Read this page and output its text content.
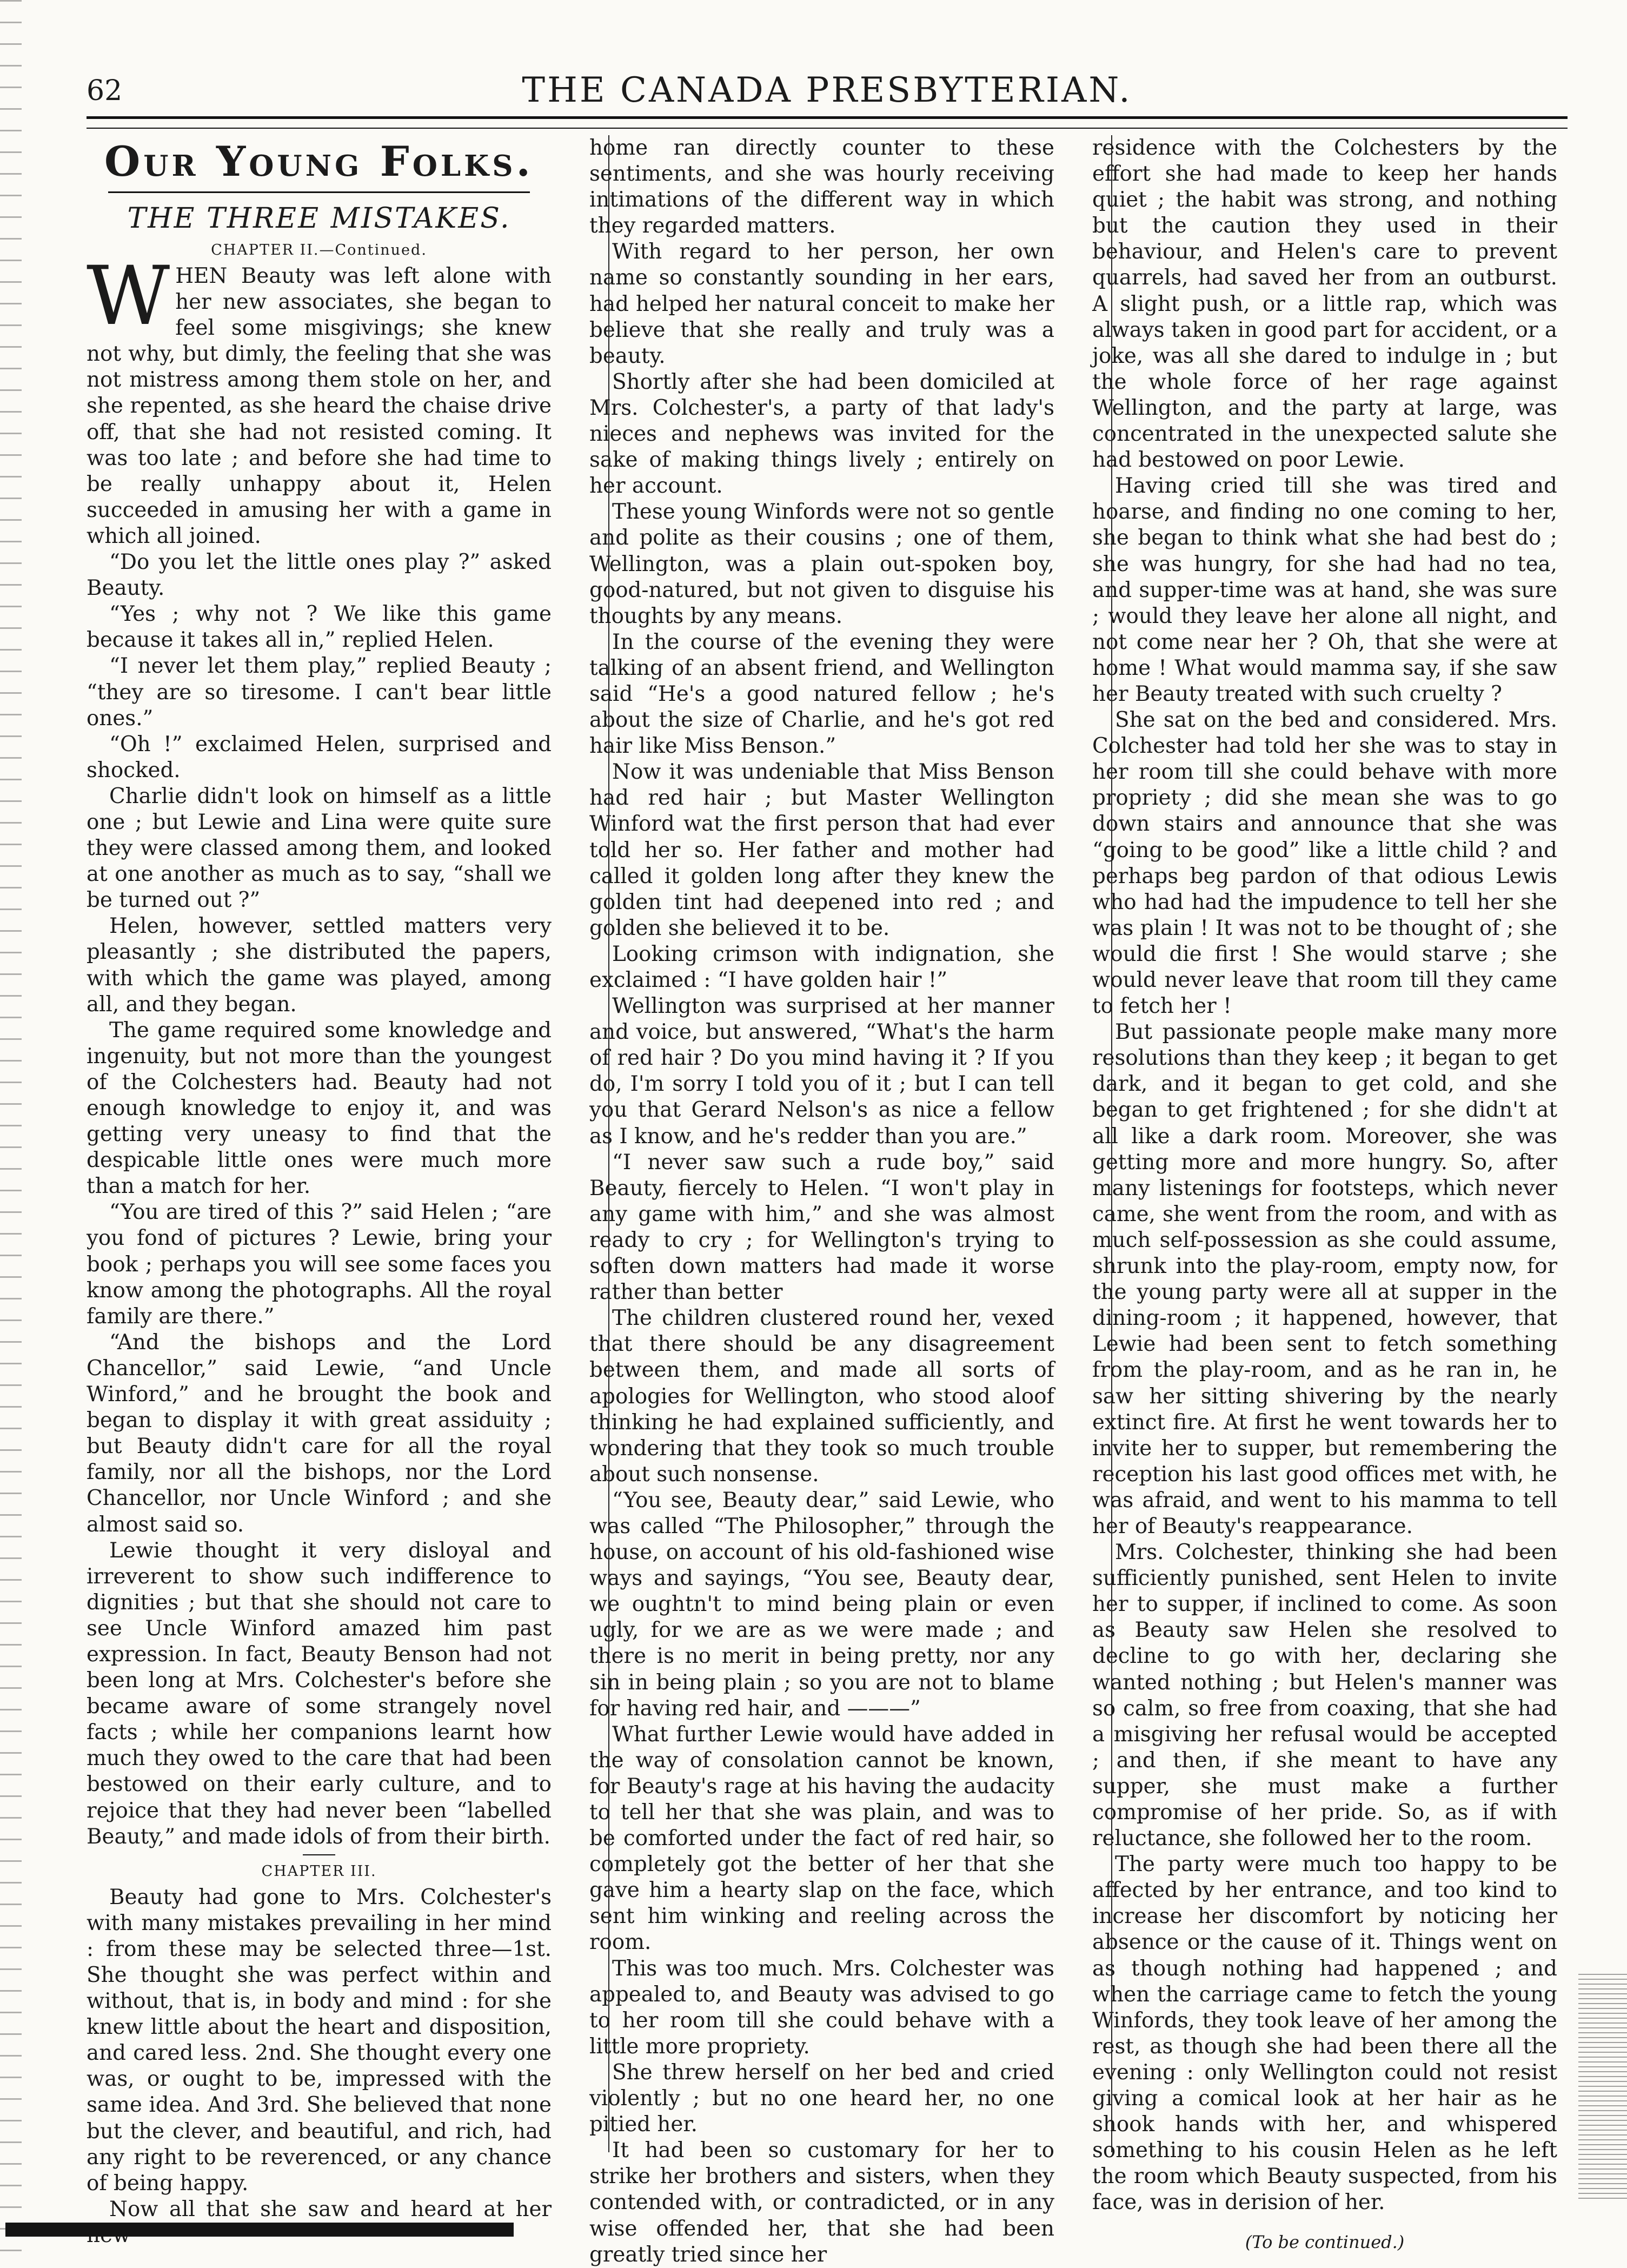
62	THE CANADA PRESBYTERIAN.
Our Young Folks.
THE THREE MISTAKES.
CHAPTER II.—Continued.

WHEN Beauty was left alone with her new associates, she began to feel some misgivings; she knew not why, but dimly, the feeling that she was not mistress among them stole on her, and she repented, as she heard the chaise drive off, that she had not resisted coming. It was too late ; and before she had time to be really unhappy about it, Helen succeeded in amusing her with a game in which all joined.

“Do you let the little ones play ?” asked Beauty.

“Yes ; why not ? We like this game because it takes all in,” replied Helen.

“I never let them play,” replied Beauty ; “they are so tiresome. I can't bear little ones.”

“Oh !” exclaimed Helen, surprised and shocked.

Charlie didn't look on himself as a little one ; but Lewie and Lina were quite sure they were classed among them, and looked at one another as much as to say, “shall we be turned out ?”

Helen, however, settled matters very pleasantly ; she distributed the papers, with which the game was played, among all, and they began.

The game required some knowledge and ingenuity, but not more than the youngest of the Colchesters had. Beauty had not enough knowledge to enjoy it, and was getting very uneasy to find that the despicable little ones were much more than a match for her.

“You are tired of this ?” said Helen ; “are you fond of pictures ? Lewie, bring your book ; perhaps you will see some faces you know among the photographs. All the royal family are there.”

“And the bishops and the Lord Chancellor,” said Lewie, “and Uncle Winford,” and he brought the book and began to display it with great assiduity ; but Beauty didn't care for all the royal family, nor all the bishops, nor the Lord Chancellor, nor Uncle Winford ; and she almost said so.

Lewie thought it very disloyal and irreverent to show such indifference to dignities ; but that she should not care to see Uncle Winford amazed him past expression. In fact, Beauty Benson had not been long at Mrs. Colchester's before she became aware of some strangely novel facts ; while her companions learnt how much they owed to the care that had been bestowed on their early culture, and to rejoice that they had never been “labelled Beauty,” and made idols of from their birth.

CHAPTER III.

Beauty had gone to Mrs. Colchester's with many mistakes prevailing in her mind : from these may be selected three—1st. She thought she was perfect within and without, that is, in body and mind : for she knew little about the heart and disposition, and cared less. 2nd. She thought every one was, or ought to be, impressed with the same idea. And 3rd. She believed that none but the clever, and beautiful, and rich, had any right to be reverenced, or any chance of being happy.

Now all that she saw and heard at her

home ran directly counter to these sentiments, and she was hourly receiving intimations of the different way in which they regarded matters.

With regard to her person, her own name so constantly sounding in her ears, had helped her natural conceit to make her believe that she really and truly was a beauty.

Shortly after she had been domiciled at Mrs. Colchester's, a party of that lady's nieces and nephews was invited for the sake of making things lively ; entirely on her account.

These young Winfords were not so gentle and polite as their cousins ; one of them, Wellington, was a plain out-spoken boy, good-natured, but not given to disguise his thoughts by any means.

In the course of the evening they were talking of an absent friend, and Wellington said “He's a good natured fellow ; he's about the size of Charlie, and he's got red hair like Miss Benson.”

Now it was undeniable that Miss Benson had red hair ; but Master Wellington Winford wat the first person that had ever told her so. Her father and mother had called it golden long after they knew the golden tint had deepened into red ; and golden she believed it to be.

Looking crimson with indignation, she exclaimed : “I have golden hair !”

Wellington was surprised at her manner and voice, but answered, “What's the harm of red hair ? Do you mind having it ? If you do, I'm sorry I told you of it ; but I can tell you that Gerard Nelson's as nice a fellow as I know, and he's redder than you are.”

“I never saw such a rude boy,” said Beauty, fiercely to Helen. “I won't play in any game with him,” and she was almost ready to cry ; for Wellington's trying to soften down matters had made it worse rather than better

The children clustered round her, vexed that there should be any disagreement between them, and made all sorts of apologies for Wellington, who stood aloof thinking he had explained sufficiently, and wondering that they took so much trouble about such nonsense.

“You see, Beauty dear,” said Lewie, who was called “The Philosopher,” through the house, on account of his old-fashioned wise ways and sayings, “You see, Beauty dear, we oughtn't to mind being plain or even ugly, for we are as we were made ; and there is no merit in being pretty, nor any sin in being plain ; so you are not to blame for having red hair, and ———”

What further Lewie would have added in the way of consolation cannot be known, for Beauty's rage at his having the audacity to tell her that she was plain, and was to be comforted under the fact of red hair, so completely got the better of her that she gave him a hearty slap on the face, which sent him winking and reeling across the room.

This was too much. Mrs. Colchester was appealed to, and Beauty was advised to go to her room till she could behave with a little more propriety.

She threw herself on her bed and cried violently ; but no one heard her, no one pitied her.

It had been so customary for her to strike her brothers and sisters, when they contended with, or contradicted, or in any wise offended her, that she had been greatly tried since her

residence with the Colchesters by the effort she had made to keep her hands quiet ; the habit was strong, and nothing but the caution they used in their behaviour, and Helen's care to prevent quarrels, had saved her from an outburst. A slight push, or a little rap, which was always taken in good part for accident, or a joke, was all she dared to indulge in ; but the whole force of her rage against Wellington, and the party at large, was concentrated in the unexpected salute she had bestowed on poor Lewie.

Having cried till she was tired and hoarse, and finding no one coming to her, she began to think what she had best do ; she was hungry, for she had had no tea, and supper-time was at hand, she was sure ; would they leave her alone all night, and not come near her ? Oh, that she were at home ! What would mamma say, if she saw her Beauty treated with such cruelty ?

She sat on the bed and considered. Mrs. Colchester had told her she was to stay in her room till she could behave with more propriety ; did she mean she was to go down stairs and announce that she was “going to be good” like a little child ? and perhaps beg pardon of that odious Lewis who had had the impudence to tell her she was plain ! It was not to be thought of ; she would die first ! She would starve ; she would never leave that room till they came to fetch her !

But passionate people make many more resolutions than they keep ; it began to get dark, and it began to get cold, and she began to get frightened ; for she didn't at all like a dark room. Moreover, she was getting more and more hungry. So, after many listenings for footsteps, which never came, she went from the room, and with as much self-possession as she could assume, shrunk into the play-room, empty now, for the young party were all at supper in the dining-room ; it happened, however, that Lewie had been sent to fetch something from the play-room, and as he ran in, he saw her sitting shivering by the nearly extinct fire. At first he went towards her to invite her to supper, but remembering the reception his last good offices met with, he was afraid, and went to his mamma to tell her of Beauty's reappearance.

Mrs. Colchester, thinking she had been sufficiently punished, sent Helen to invite her to supper, if inclined to come. As soon as Beauty saw Helen she resolved to decline to go with her, declaring she wanted nothing ; but Helen's manner was so calm, so free from coaxing, that she had a misgiving her refusal would be accepted ; and then, if she meant to have any supper, she must make a further compromise of her pride. So, as if with reluctance, she followed her to the room.

The party were much too happy to be affected by her entrance, and too kind to increase her discomfort by noticing her absence or the cause of it. Things went on as though nothing had happened ; and when the carriage came to fetch the young Winfords, they took leave of her among the rest, as though she had been there all the evening : only Wellington could not resist giving a comical look at her hair as he shook hands with her, and whispered something to his cousin Helen as he left the room which Beauty suspected, from his face, was in derision of her.

(To be continued.)
